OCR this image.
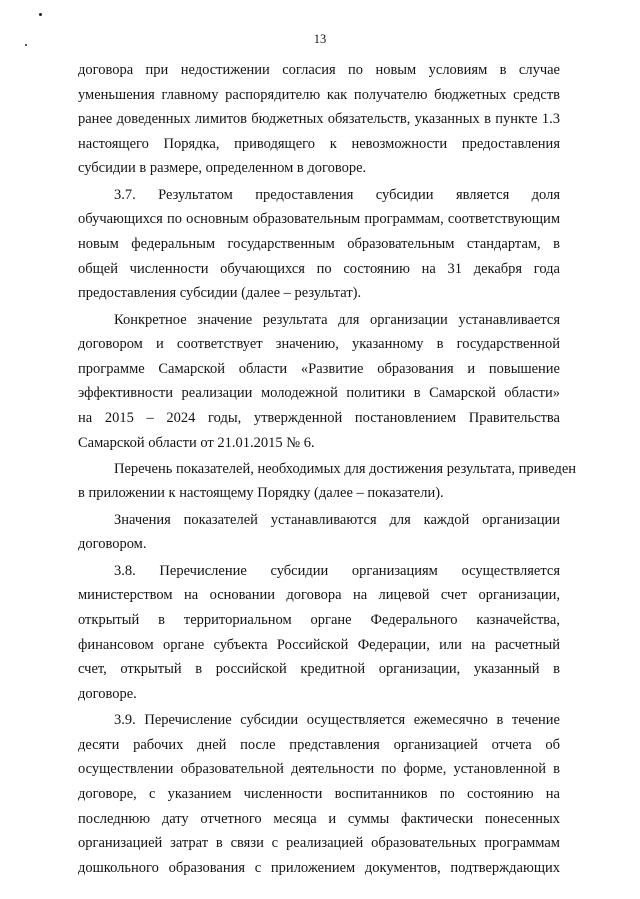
13
договора при недостижении согласия по новым условиям в случае
уменьшения главному распорядителю как получателю бюджетных средств
ранее доведенных лимитов бюджетных обязательств, указанных в пункте 1.3
настоящего Порядка, приводящего к невозможности предоставления
субсидии в размере, определенном в договоре.
3.7. Результатом предоставления субсидии является доля
обучающихся по основным образовательным программам, соответствующим
новым федеральным государственным образовательным стандартам, в
общей численности обучающихся по состоянию на 31 декабря года
предоставления субсидии (далее – результат).
Конкретное значение результата для организации устанавливается
договором и соответствует значению, указанному в государственной
программе Самарской области «Развитие образования и повышение
эффективности реализации молодежной политики в Самарской области»
на 2015 – 2024 годы, утвержденной постановлением Правительства
Самарской области от 21.01.2015 № 6.
Перечень показателей, необходимых для достижения результата, приведен
в приложении к настоящему Порядку (далее – показатели).
Значения показателей устанавливаются для каждой организации
договором.
3.8. Перечисление субсидии организациям осуществляется
министерством на основании договора на лицевой счет организации,
открытый в территориальном органе Федерального казначейства,
финансовом органе субъекта Российской Федерации, или на расчетный
счет, открытый в российской кредитной организации, указанный в
договоре.
3.9. Перечисление субсидии осуществляется ежемесячно в течение
десяти рабочих дней после представления организацией отчета об
осуществлении образовательной деятельности по форме, установленной в
договоре, с указанием численности воспитанников по состоянию на
последнюю дату отчетного месяца и суммы фактически понесенных
организацией затрат в связи с реализацией образовательных программам
дошкольного образования с приложением документов, подтверждающих
